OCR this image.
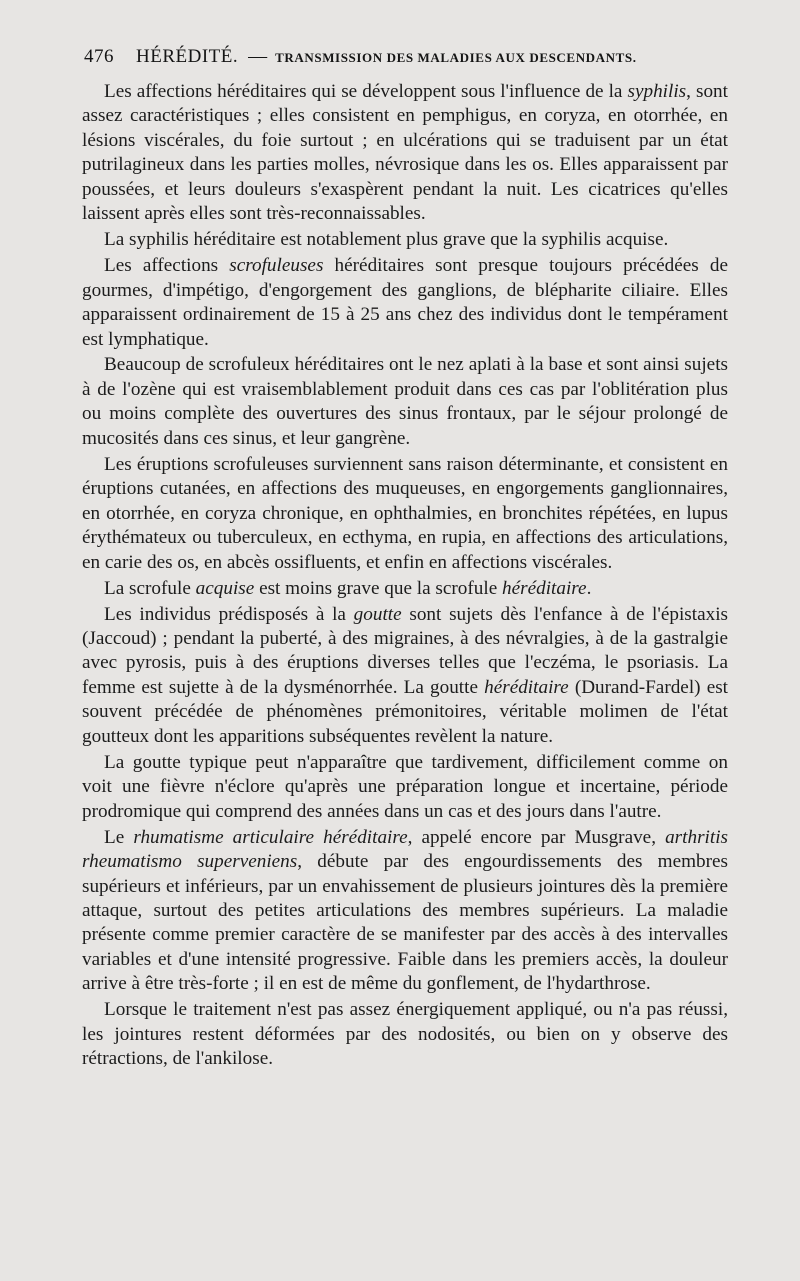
476 HÉRÉDITÉ. — TRANSMISSION DES MALADIES AUX DESCENDANTS.

Les affections héréditaires qui se développent sous l'influence de la syphilis, sont assez caractéristiques ; elles consistent en pemphigus, en coryza, en otorrhée, en lésions viscérales, du foie surtout ; en ulcérations qui se traduisent par un état putrilagineux dans les parties molles, névrosique dans les os. Elles apparaissent par poussées, et leurs douleurs s'exaspèrent pendant la nuit. Les cicatrices qu'elles laissent après elles sont très-reconnaissables.

La syphilis héréditaire est notablement plus grave que la syphilis acquise.

Les affections scrofuleuses héréditaires sont presque toujours précédées de gourmes, d'impétigo, d'engorgement des ganglions, de blépharite ciliaire. Elles apparaissent ordinairement de 15 à 25 ans chez des individus dont le tempérament est lymphatique.

Beaucoup de scrofuleux héréditaires ont le nez aplati à la base et sont ainsi sujets à de l'ozène qui est vraisemblablement produit dans ces cas par l'oblitération plus ou moins complète des ouvertures des sinus frontaux, par le séjour prolongé de mucosités dans ces sinus, et leur gangrène.

Les éruptions scrofuleuses surviennent sans raison déterminante, et consistent en éruptions cutanées, en affections des muqueuses, en engorgements ganglionnaires, en otorrhée, en coryza chronique, en ophthalmies, en bronchites répétées, en lupus érythémateux ou tuberculeux, en ecthyma, en rupia, en affections des articulations, en carie des os, en abcès ossifluents, et enfin en affections viscérales.

La scrofule acquise est moins grave que la scrofule héréditaire.

Les individus prédisposés à la goutte sont sujets dès l'enfance à de l'épistaxis (Jaccoud) ; pendant la puberté, à des migraines, à des névralgies, à de la gastralgie avec pyrosis, puis à des éruptions diverses telles que l'eczéma, le psoriasis. La femme est sujette à de la dysménorrhée. La goutte héréditaire (Durand-Fardel) est souvent précédée de phénomènes prémonitoires, véritable molimen de l'état goutteux dont les apparitions subséquentes revèlent la nature.

La goutte typique peut n'apparaître que tardivement, difficilement comme on voit une fièvre n'éclore qu'après une préparation longue et incertaine, période prodromique qui comprend des années dans un cas et des jours dans l'autre.

Le rhumatisme articulaire héréditaire, appelé encore par Musgrave, arthritis rheumatismo superveniens, débute par des engourdissements des membres supérieurs et inférieurs, par un envahissement de plusieurs jointures dès la première attaque, surtout des petites articulations des membres supérieurs. La maladie présente comme premier caractère de se manifester par des accès à des intervalles variables et d'une intensité progressive. Faible dans les premiers accès, la douleur arrive à être très-forte ; il en est de même du gonflement, de l'hydarthrose.

Lorsque le traitement n'est pas assez énergiquement appliqué, ou n'a pas réussi, les jointures restent déformées par des nodosités, ou bien on y observe des rétractions, de l'ankilose.
